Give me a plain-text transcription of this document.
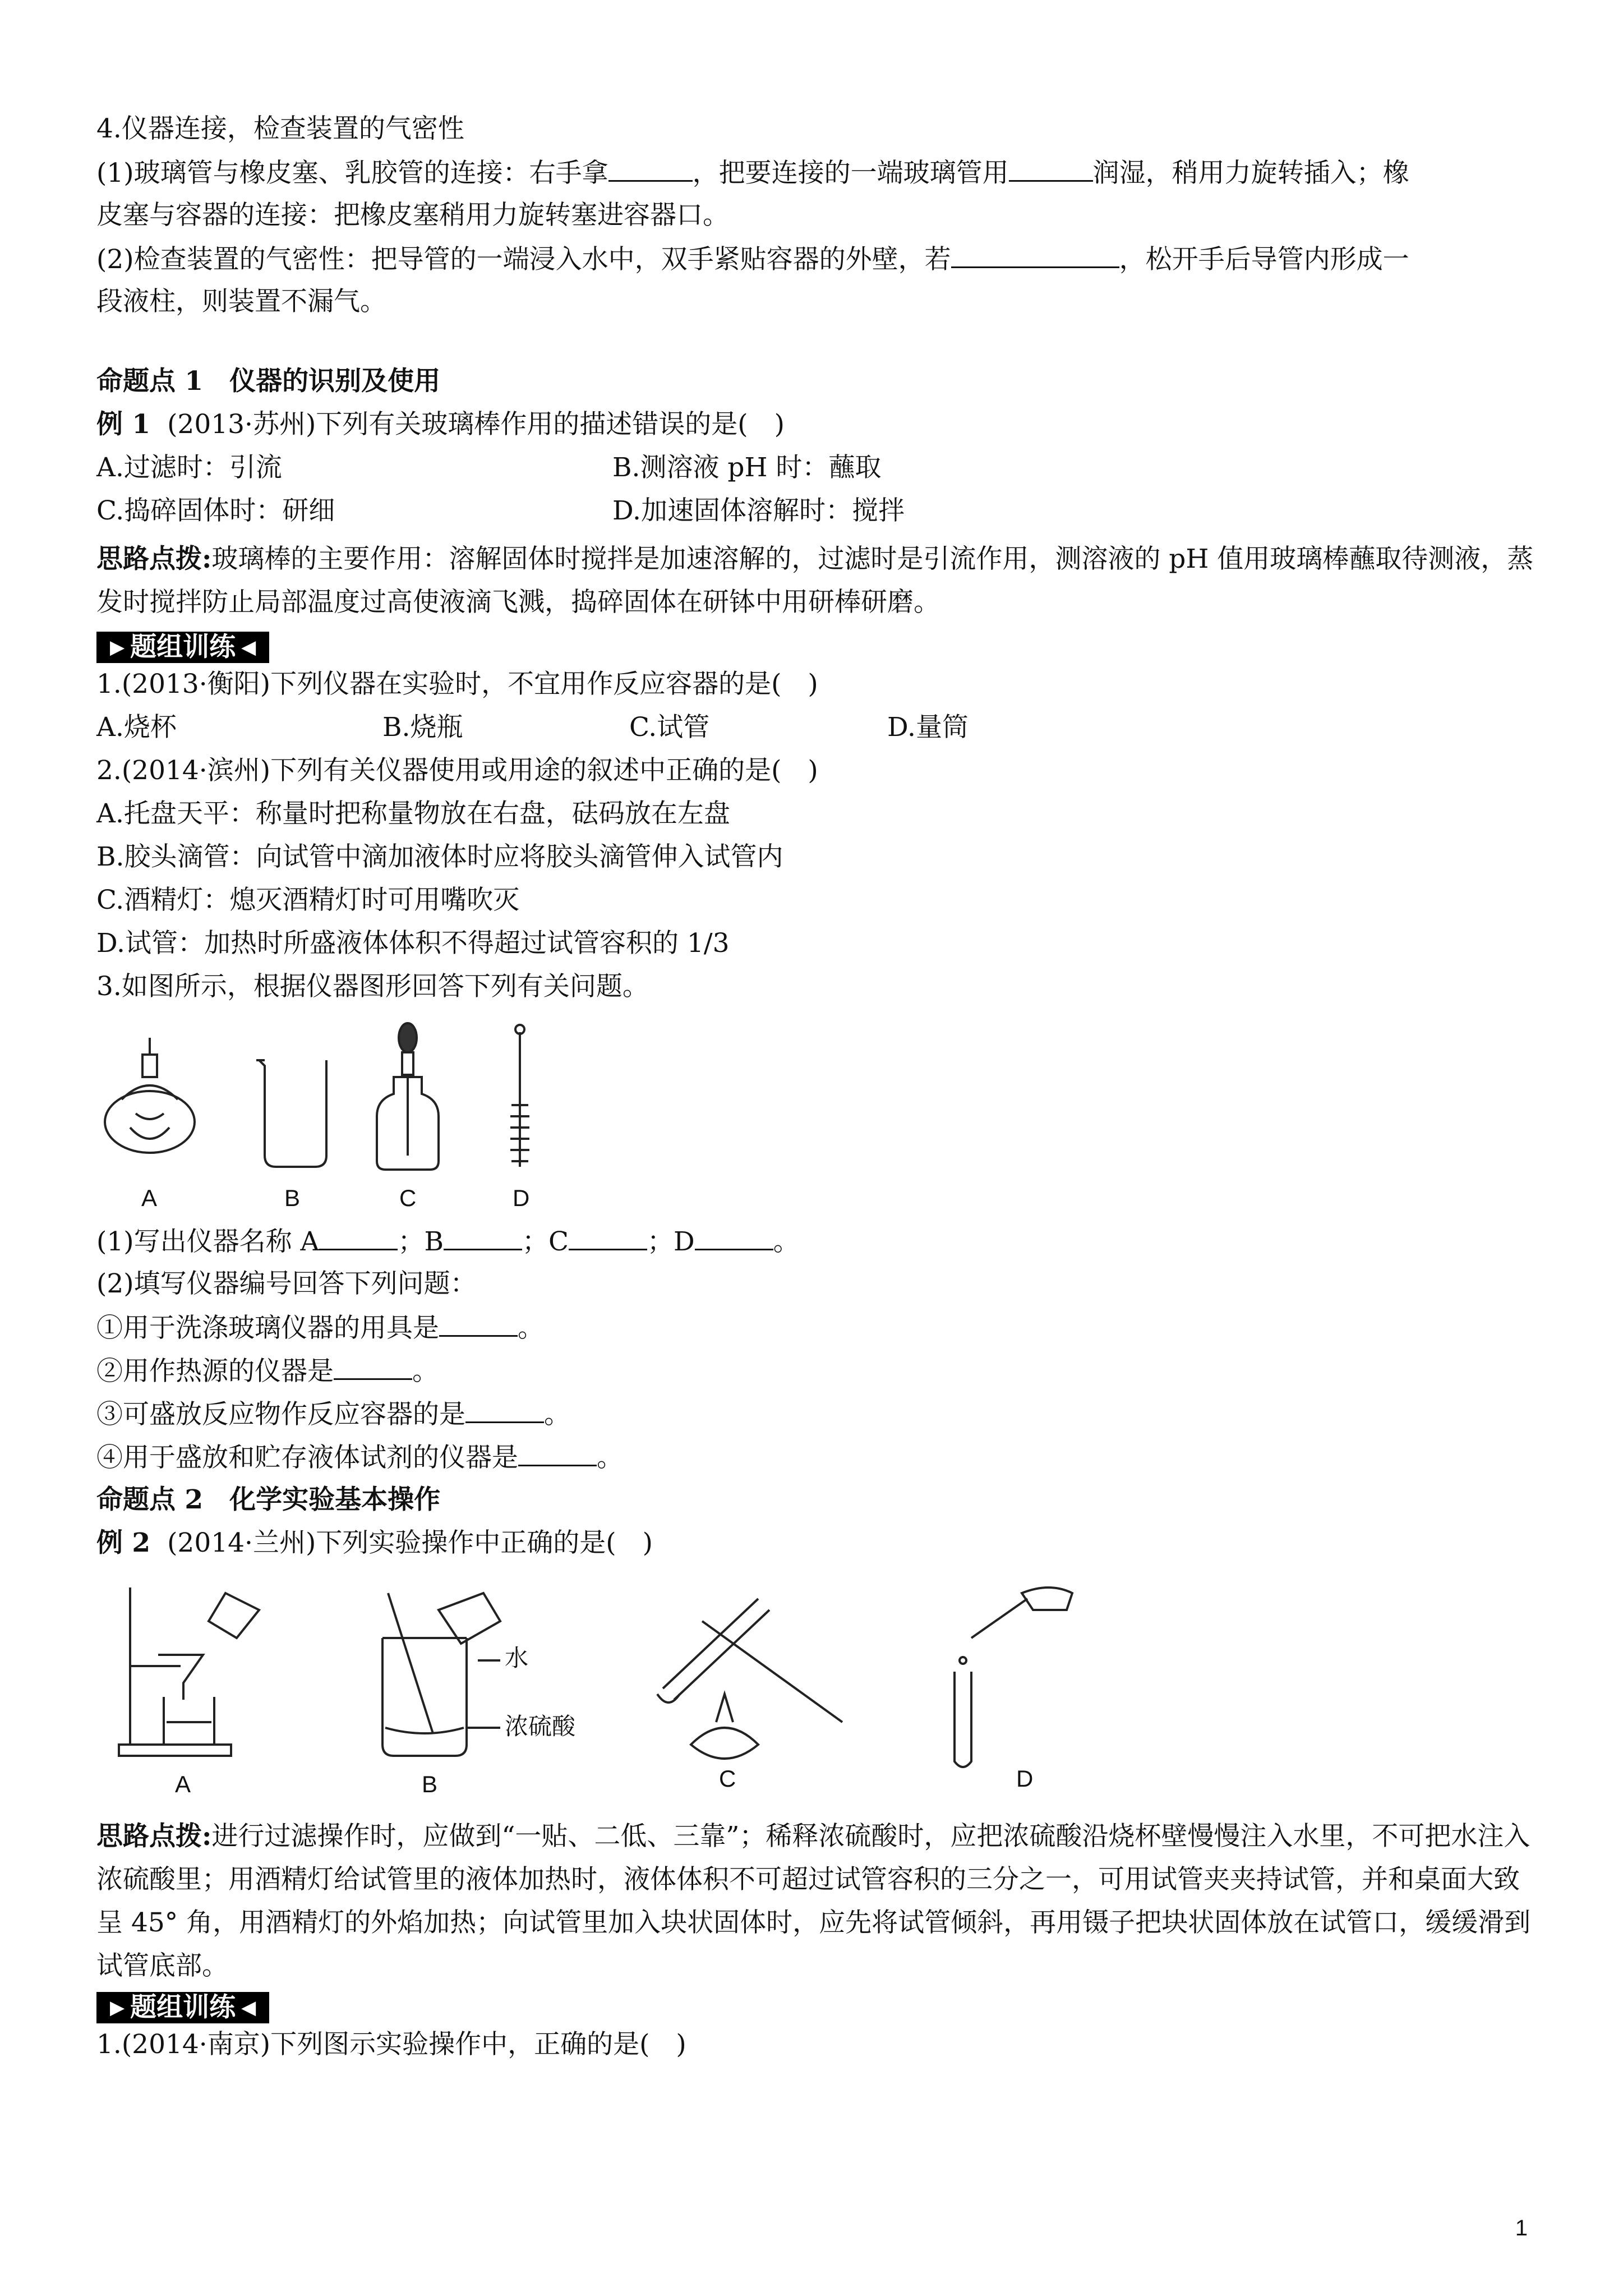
4.仪器连接，检查装置的气密性
(1)玻璃管与橡皮塞、乳胶管的连接：右手拿	，把要连接的一端玻璃管用	润湿，稍用力旋转插入；橡
皮塞与容器的连接：把橡皮塞稍用力旋转塞进容器口。
(2)检查装置的气密性：把导管的一端浸入水中，双手紧贴容器的外壁，若	，松开手后导管内形成一
段液柱，则装置不漏气。
命题点 1　仪器的识别及使用
例 1 (2013·苏州)下列有关玻璃棒作用的描述错误的是(　)
A.过滤时：引流	B.测溶液 pH 时：蘸取
C.捣碎固体时：研细	D.加速固体溶解时：搅拌
思路点拨:玻璃棒的主要作用：溶解固体时搅拌是加速溶解的，过滤时是引流作用，测溶液的 pH 值用玻璃棒蘸取待测液，蒸发时搅拌防止局部温度过高使液滴飞溅，捣碎固体在研钵中用研棒研磨。
▶ 题组训练 ◀
1.(2013·衡阳)下列仪器在实验时，不宜用作反应容器的是(　)
A.烧杯	B.烧瓶	C.试管	D.量筒
2.(2014·滨州)下列有关仪器使用或用途的叙述中正确的是(　)
A.托盘天平：称量时把称量物放在右盘，砝码放在左盘
B.胶头滴管：向试管中滴加液体时应将胶头滴管伸入试管内
C.酒精灯：熄灭酒精灯时可用嘴吹灭
D.试管：加热时所盛液体体积不得超过试管容积的 1/3
3.如图所示，根据仪器图形回答下列有关问题。
A	B	C	D
(1)写出仪器名称 A	；B	；C	；D	。
(2)填写仪器编号回答下列问题：
①用于洗涤玻璃仪器的用具是	。
②用作热源的仪器是	。
③可盛放反应物作反应容器的是	。
④用于盛放和贮存液体试剂的仪器是	。
命题点 2　化学实验基本操作
例 2 (2014·兰州)下列实验操作中正确的是(　)
水
浓硫酸
A	B	C	D
思路点拨:进行过滤操作时，应做到“一贴、二低、三靠”；稀释浓硫酸时，应把浓硫酸沿烧杯壁慢慢注入水里，不可把水注入浓硫酸里；用酒精灯给试管里的液体加热时，液体体积不可超过试管容积的三分之一，可用试管夹夹持试管，并和桌面大致呈 45° 角，用酒精灯的外焰加热；向试管里加入块状固体时，应先将试管倾斜，再用镊子把块状固体放在试管口，缓缓滑到试管底部。
▶ 题组训练 ◀
1.(2014·南京)下列图示实验操作中，正确的是(　)
1
